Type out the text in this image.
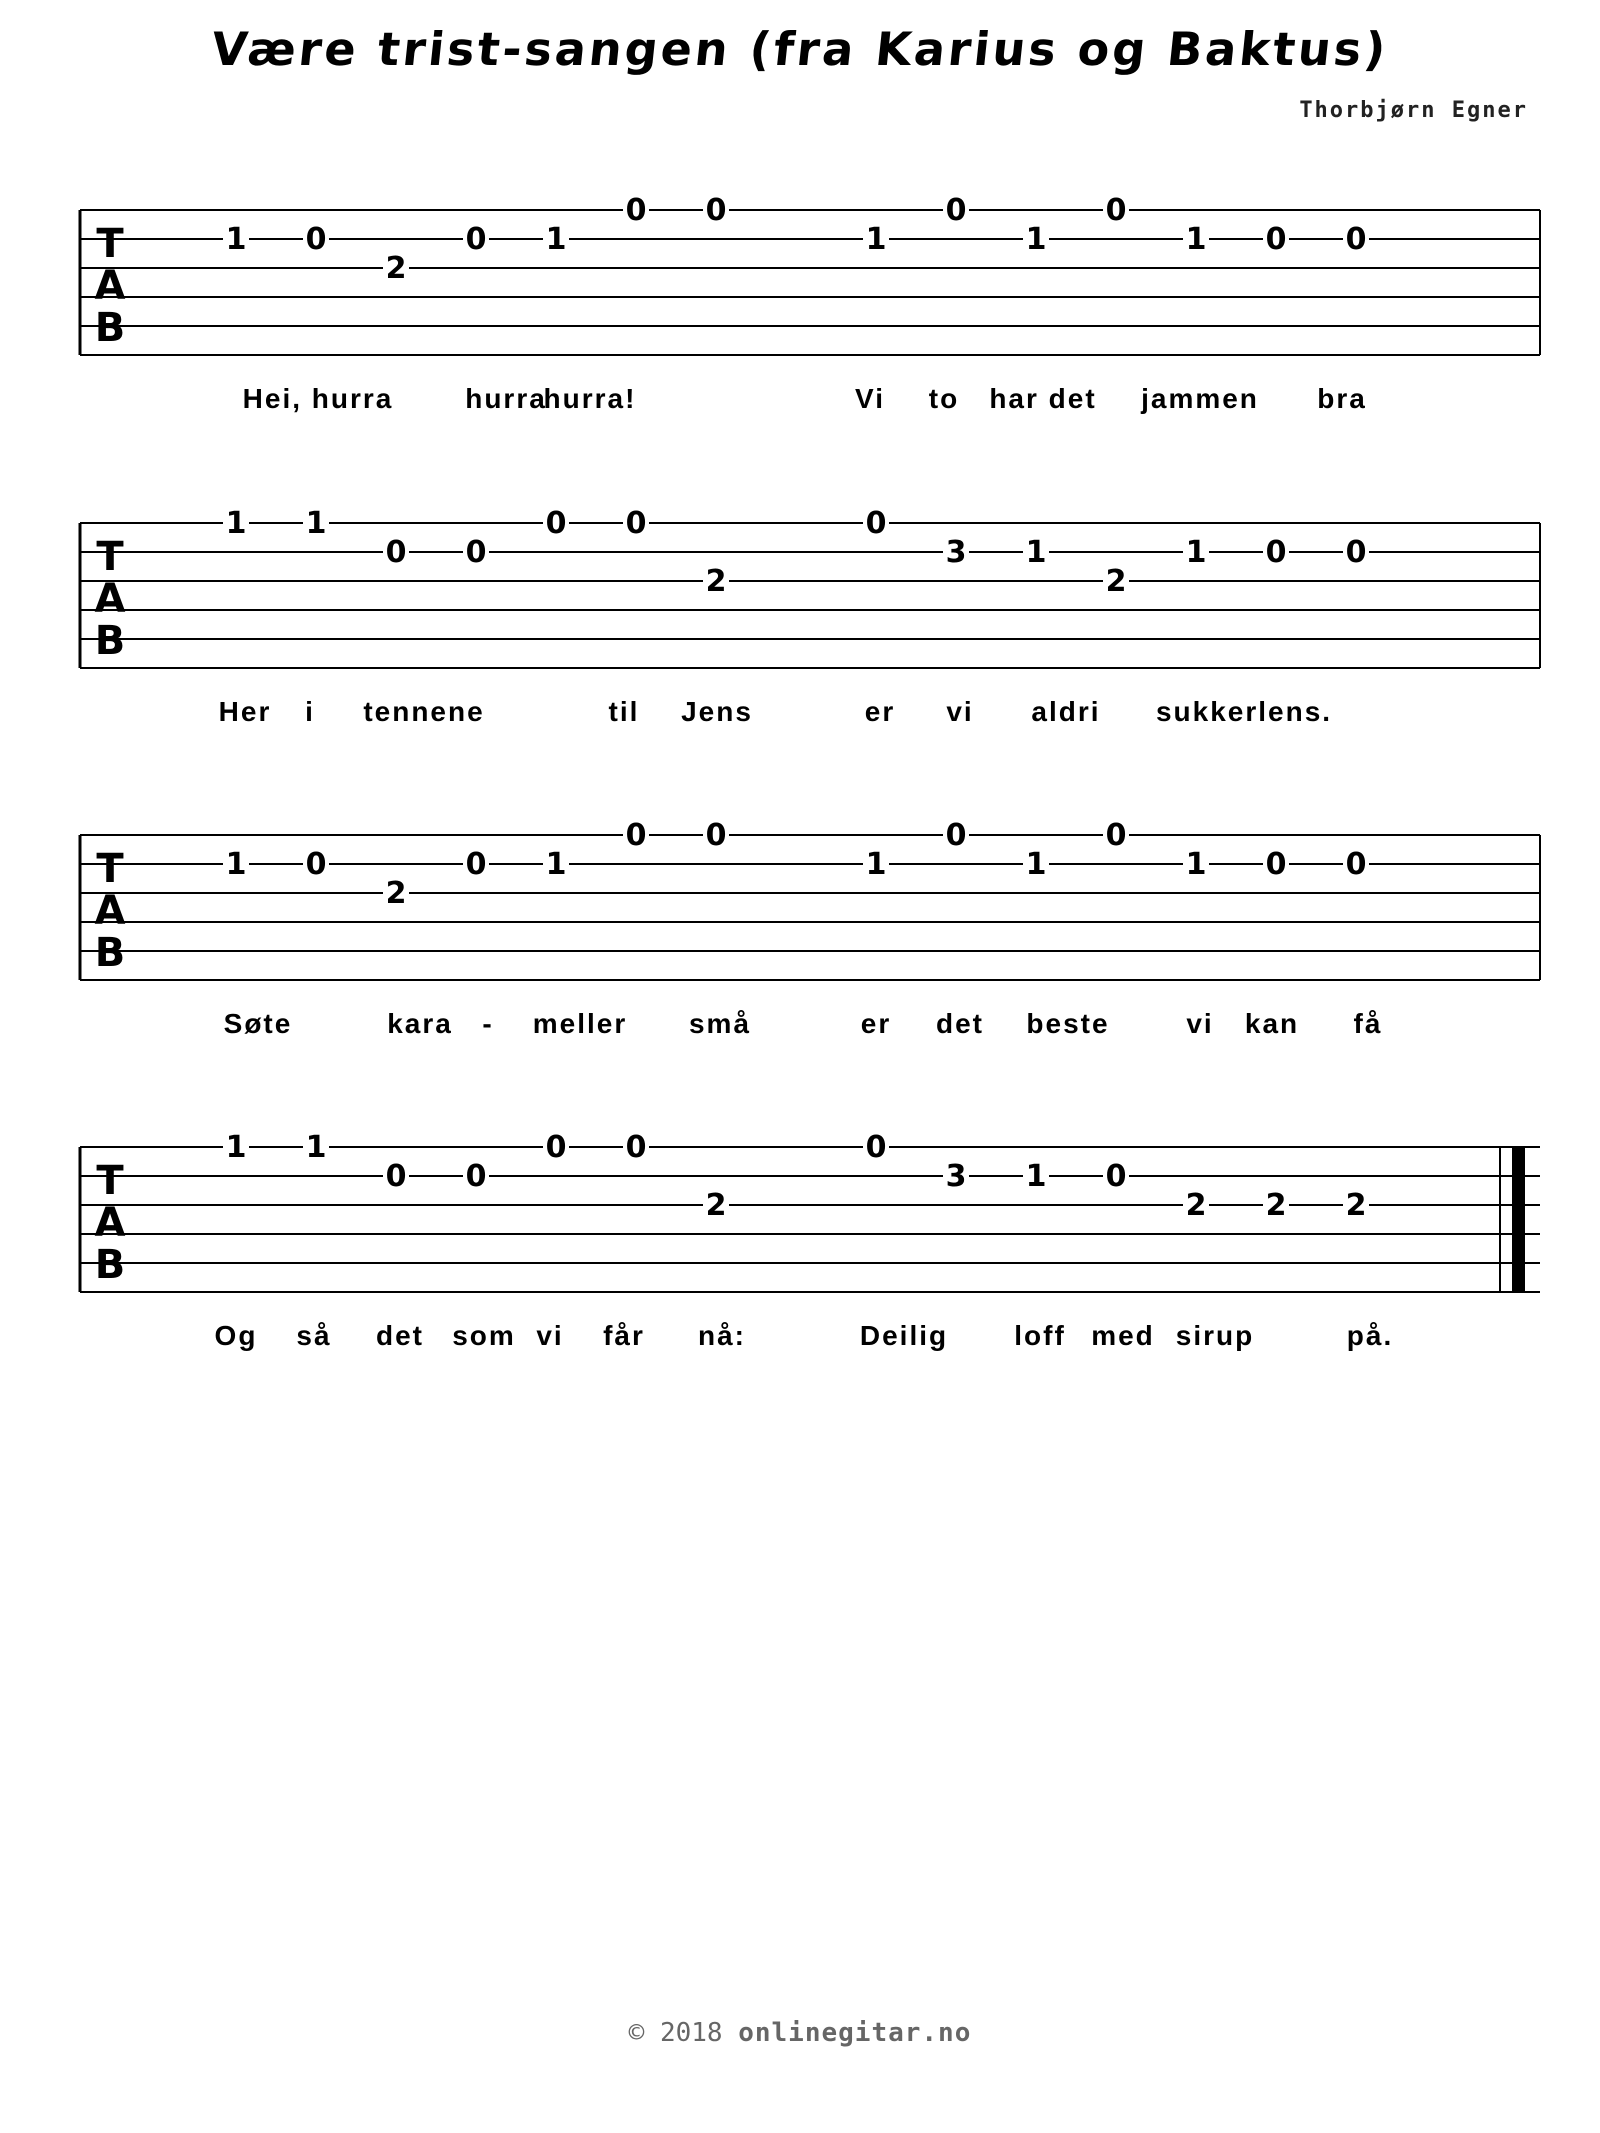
Være trist-sangen (fra Karius og Baktus)
Thorbjørn Egner
T
A
B
1 0
2
0 1
0 0
1
0
1
0
1 0 0
Hei, hurra	hurra
hurra!	Vi to har det jammen bra
T
A
B
1 1
0 0
0 0
2
0
3 1
2
1 0 0
Her i tennene	til Jens	er vi aldri sukkerlens.
T
A
B
1 0
2
0 1
0 0
1
0
1
0
1 0 0
Søte	kara - meller små	er det beste	vi kan få
T
A
B
1 1
0 0
0 0
2
0
3 1 0
2 2 2
Og så det som vi får nå:	Deilig loff med sirup	på.
© 2018 onlinegitar.no
